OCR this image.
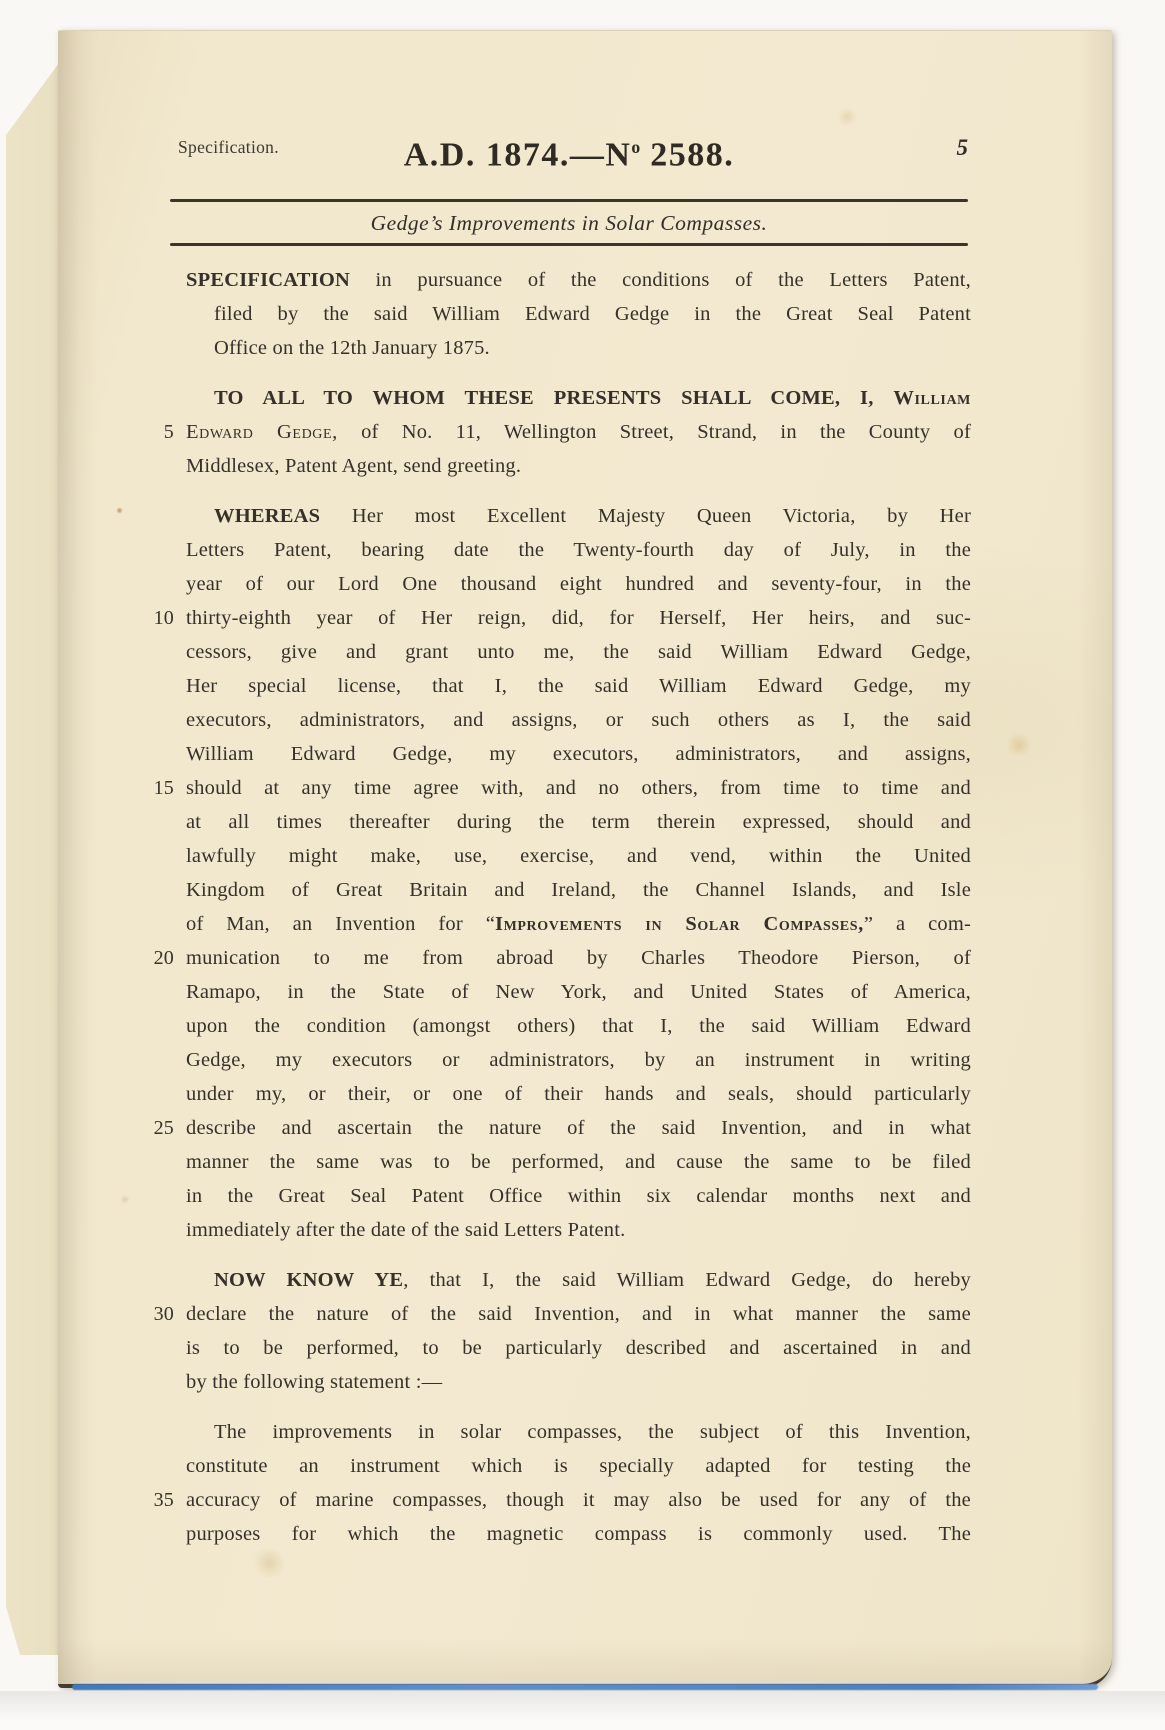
Specification.	A.D. $1874.—N^o$ 2588.	5
Gedge’s Improvements in Solar Compasses.
SPECIFICATION in pursuance of the conditions of the Letters Patent,
filed by the said William Edward Gedge in the Great Seal Patent
Office on the 12th January 1875.
TO ALL TO WHOM THESE PRESENTS SHALL COME, I, William
5 Edward Gedge, of No. 11, Wellington Street, Strand, in the County of
Middlesex, Patent Agent, send greeting.
WHEREAS Her most Excellent Majesty Queen Victoria, by Her
Letters Patent, bearing date the Twenty-fourth day of July, in the
year of our Lord One thousand eight hundred and seventy-four, in the
10 thirty-eighth year of Her reign, did, for Herself, Her heirs, and suc-
cessors, give and grant unto me, the said William Edward Gedge,
Her special license, that I, the said William Edward Gedge, my
executors, administrators, and assigns, or such others as I, the said
William Edward Gedge, my executors, administrators, and assigns,
15 should at any time agree with, and no others, from time to time and
at all times thereafter during the term therein expressed, should and
lawfully might make, use, exercise, and vend, within the United
Kingdom of Great Britain and Ireland, the Channel Islands, and Isle
of Man, an Invention for “Improvements in Solar Compasses,” a com-
20 munication to me from abroad by Charles Theodore Pierson, of
Ramapo, in the State of New York, and United States of America,
upon the condition (amongst others) that I, the said William Edward
Gedge, my executors or administrators, by an instrument in writing
under my, or their, or one of their hands and seals, should particularly
25 describe and ascertain the nature of the said Invention, and in what
manner the same was to be performed, and cause the same to be filed
in the Great Seal Patent Office within six calendar months next and
immediately after the date of the said Letters Patent.
NOW KNOW YE, that I, the said William Edward Gedge, do hereby
30 declare the nature of the said Invention, and in what manner the same
is to be performed, to be particularly described and ascertained in and
by the following statement :—
The improvements in solar compasses, the subject of this Invention,
constitute an instrument which is specially adapted for testing the
35 accuracy of marine compasses, though it may also be used for any of the
purposes for which the magnetic compass is commonly used. The
